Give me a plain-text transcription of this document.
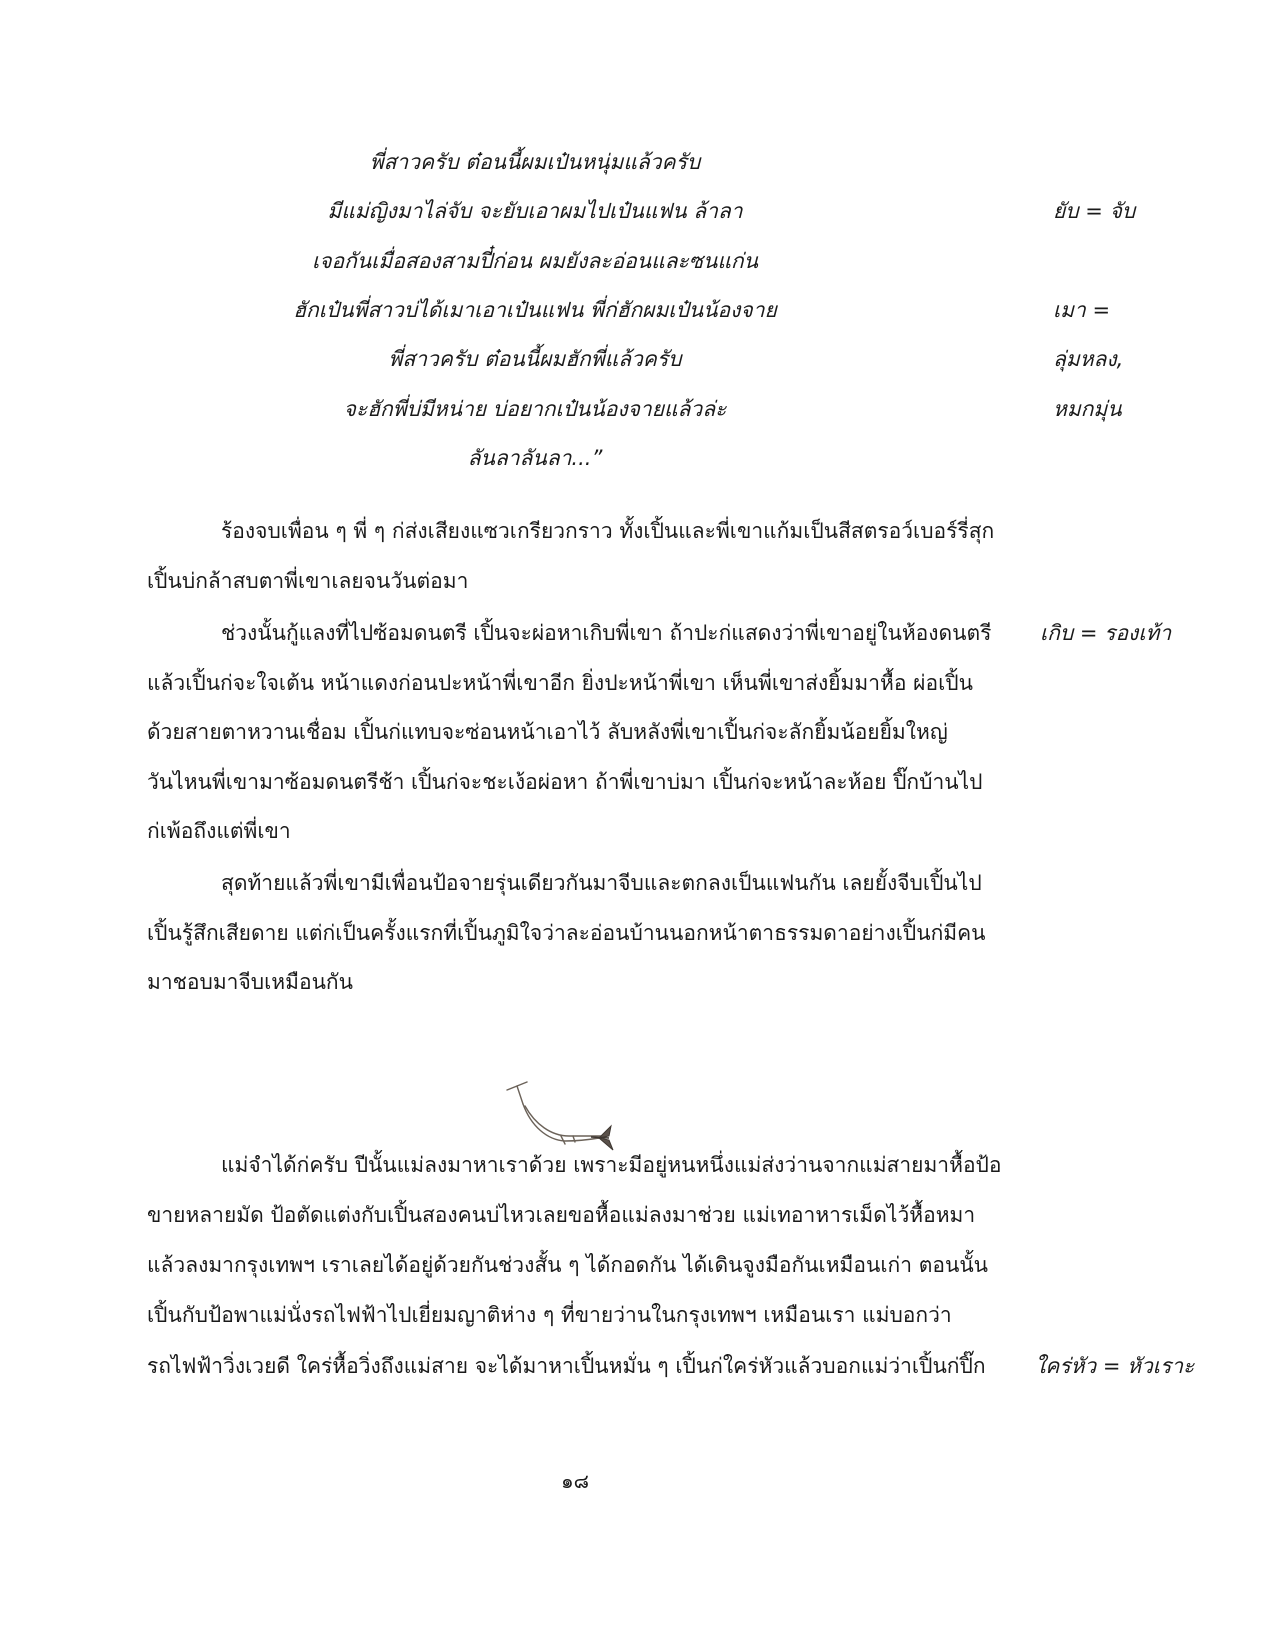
พี่สาวครับ ต๋อนนี้ผมเป๋นหนุ่มแล้วครับ
มีแม่ญิงมาไล่จับ จะยับเอาผมไปเป๋นแฟน ล้าลา
เจอกันเมื่อสองสามปี๋ก่อน ผมยังละอ่อนและซนแก่น
ฮักเป๋นพี่สาวบ่ได้เมาเอาเป๋นแฟน พี่ก่ฮักผมเป๋นน้องจาย
พี่สาวครับ ต๋อนนี้ผมฮักพี่แล้วครับ
จะฮักพี่บ่มีหน่าย บ่อยากเป๋นน้องจายแล้วล่ะ
ลันลาลันลา...”
ยับ = จับ
เมา =
ลุ่มหลง,
หมกมุ่น
เกิบ = รองเท้า
ใคร่หัว = หัวเราะ
ร้องจบเพื่อน ๆ พี่ ๆ ก่ส่งเสียงแซวเกรียวกราว ทั้งเปิ้นและพี่เขาแก้มเป็นสีสตรอว์เบอร์รี่สุก
เปิ้นบ่กล้าสบตาพี่เขาเลยจนวันต่อมา
ช่วงนั้นกู้แลงที่ไปซ้อมดนตรี เปิ้นจะผ่อหาเกิบพี่เขา ถ้าปะก่แสดงว่าพี่เขาอยู่ในห้องดนตรี
แล้วเปิ้นก่จะใจเต้น หน้าแดงก่อนปะหน้าพี่เขาอีก ยิ่งปะหน้าพี่เขา เห็นพี่เขาส่งยิ้มมาหื้อ ผ่อเปิ้น
ด้วยสายตาหวานเชื่อม เปิ้นก่แทบจะซ่อนหน้าเอาไว้ ลับหลังพี่เขาเปิ้นก่จะลักยิ้มน้อยยิ้มใหญ่
วันไหนพี่เขามาซ้อมดนตรีช้า เปิ้นก่จะชะเง้อผ่อหา ถ้าพี่เขาบ่มา เปิ้นก่จะหน้าละห้อย ปิ๊กบ้านไป
ก่เพ้อถึงแต่พี่เขา
สุดท้ายแล้วพี่เขามีเพื่อนป้อจายรุ่นเดียวกันมาจีบและตกลงเป็นแฟนกัน เลยยั้งจีบเปิ้นไป
เปิ้นรู้สึกเสียดาย แต่ก่เป็นครั้งแรกที่เปิ้นภูมิใจว่าละอ่อนบ้านนอกหน้าตาธรรมดาอย่างเปิ้นก่มีคน
มาชอบมาจีบเหมือนกัน
แม่จำได้ก่ครับ ปีนั้นแม่ลงมาหาเราด้วย เพราะมีอยู่หนหนึ่งแม่ส่งว่านจากแม่สายมาหื้อป้อ
ขายหลายมัด ป้อตัดแต่งกับเปิ้นสองคนบ่ไหวเลยขอหื้อแม่ลงมาช่วย แม่เทอาหารเม็ดไว้หื้อหมา
แล้วลงมากรุงเทพฯ เราเลยได้อยู่ด้วยกันช่วงสั้น ๆ ได้กอดกัน ได้เดินจูงมือกันเหมือนเก่า ตอนนั้น
เปิ้นกับป้อพาแม่นั่งรถไฟฟ้าไปเยี่ยมญาติห่าง ๆ ที่ขายว่านในกรุงเทพฯ เหมือนเรา แม่บอกว่า
รถไฟฟ้าวิ่งเวยดี ใคร่หื้อวิ่งถึงแม่สาย จะได้มาหาเปิ้นหมั่น ๆ เปิ้นก่ใคร่หัวแล้วบอกแม่ว่าเปิ้นก่ปิ๊ก
๑๘
